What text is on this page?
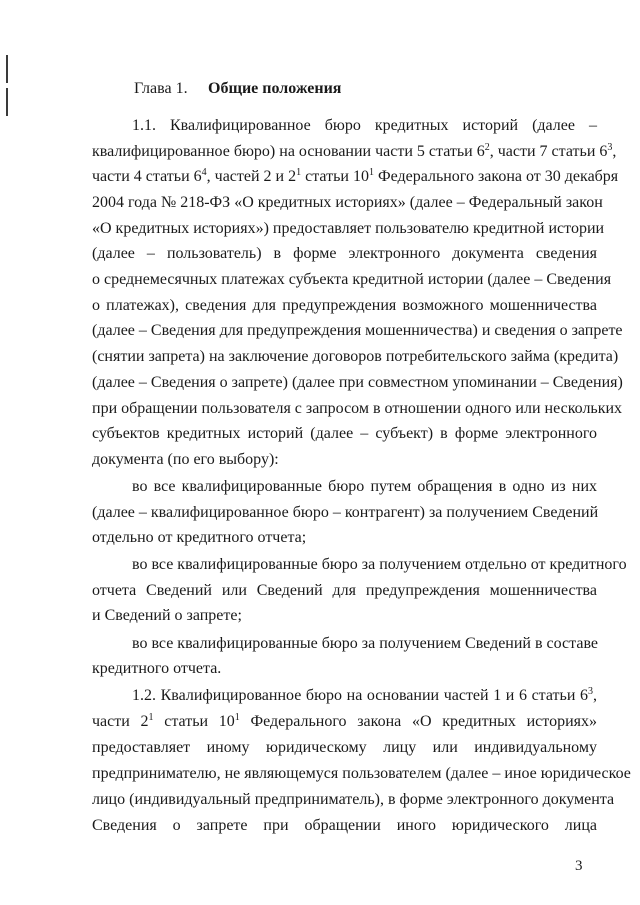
Глава 1. Общие положения
1.1. Квалифицированное бюро кредитных историй (далее –
квалифицированное бюро) на основании части 5 статьи $6^2$, части 7 статьи $6^3$,
части 4 статьи $6^4$, частей 2 и $2^1$ статьи $10^1$ Федерального закона от 30 декабря
2004 года № 218-ФЗ «О кредитных историях» (далее – Федеральный закон
«О кредитных историях») предоставляет пользователю кредитной истории
(далее – пользователь) в форме электронного документа сведения
о среднемесячных платежах субъекта кредитной истории (далее – Сведения
о платежах), сведения для предупреждения возможного мошенничества
(далее – Сведения для предупреждения мошенничества) и сведения о запрете
(снятии запрета) на заключение договоров потребительского займа (кредита)
(далее – Сведения о запрете) (далее при совместном упоминании – Сведения)
при обращении пользователя с запросом в отношении одного или нескольких
субъектов кредитных историй (далее – субъект) в форме электронного
документа (по его выбору):
во все квалифицированные бюро путем обращения в одно из них
(далее – квалифицированное бюро – контрагент) за получением Сведений
отдельно от кредитного отчета;
во все квалифицированные бюро за получением отдельно от кредитного
отчета Сведений или Сведений для предупреждения мошенничества
и Сведений о запрете;
во все квалифицированные бюро за получением Сведений в составе
кредитного отчета.
1.2. Квалифицированное бюро на основании частей 1 и 6 статьи $6^3$,
части $2^1$ статьи $10^1$ Федерального закона «О кредитных историях»
предоставляет иному юридическому лицу или индивидуальному
предпринимателю, не являющемуся пользователем (далее – иное юридическое
лицо (индивидуальный предприниматель), в форме электронного документа
Сведения о запрете при обращении иного юридического лица
3
